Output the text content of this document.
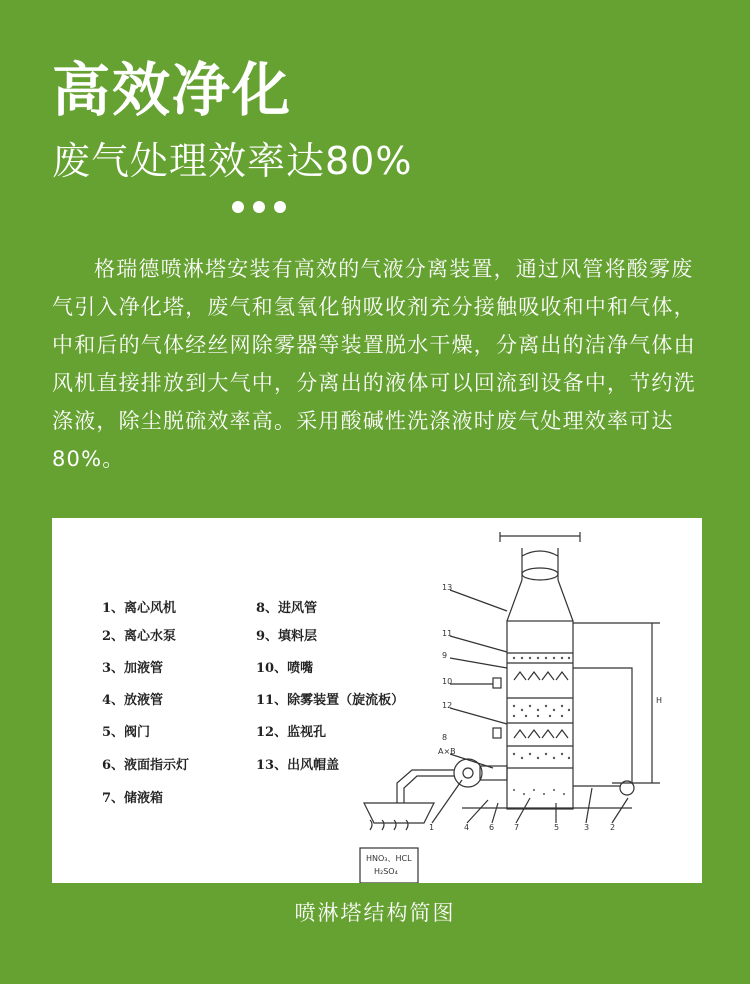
高效净化
废气处理效率达80%

格瑞德喷淋塔安装有高效的气液分离装置，通过风管将酸雾废气引入净化塔，废气和氢氧化钠吸收剂充分接触吸收和中和气体，中和后的气体经丝网除雾器等装置脱水干燥，分离出的洁净气体由风机直接排放到大气中，分离出的液体可以回流到设备中，节约洗涤液，除尘脱硫效率高。采用酸碱性洗涤液时废气处理效率可达80%。

1、离心风机
2、离心水泵
3、加液管
4、放液管
5、阀门
6、液面指示灯
7、储液箱
8、进风管
9、填料层
10、喷嘴
11、除雾装置（旋流板）
12、监视孔
13、出风帽盖
13
11
9
10
12
8
A×B
1	4 6 7	5	3	2
H
HNO₃、HCL
H₂SO₄
喷淋塔结构简图
